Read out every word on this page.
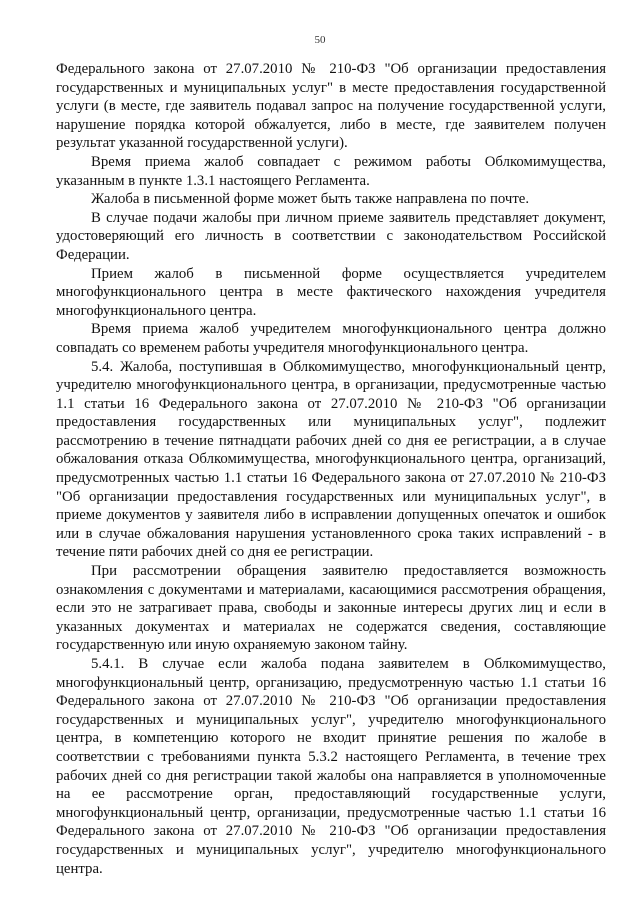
50

Федерального закона от 27.07.2010 № 210-ФЗ "Об организации предоставления государственных и муниципальных услуг" в месте предоставления государственной услуги (в месте, где заявитель подавал запрос на получение государственной услуги, нарушение порядка которой обжалуется, либо в месте, где заявителем получен результат указанной государственной услуги).

Время приема жалоб совпадает с режимом работы Облкомимущества, указанным в пункте 1.3.1 настоящего Регламента.

Жалоба в письменной форме может быть также направлена по почте.

В случае подачи жалобы при личном приеме заявитель представляет документ, удостоверяющий его личность в соответствии с законодательством Российской Федерации.

Прием жалоб в письменной форме осуществляется учредителем многофункционального центра в месте фактического нахождения учредителя многофункционального центра.

Время приема жалоб учредителем многофункционального центра должно совпадать со временем работы учредителя многофункционального центра.

5.4. Жалоба, поступившая в Облкомимущество, многофункциональный центр, учредителю многофункционального центра, в организации, предусмотренные частью 1.1 статьи 16 Федерального закона от 27.07.2010 № 210-ФЗ "Об организации предоставления государственных или муниципальных услуг", подлежит рассмотрению в течение пятнадцати рабочих дней со дня ее регистрации, а в случае обжалования отказа Облкомимущества, многофункционального центра, организаций, предусмотренных частью 1.1 статьи 16 Федерального закона от 27.07.2010 № 210-ФЗ "Об организации предоставления государственных или муниципальных услуг", в приеме документов у заявителя либо в исправлении допущенных опечаток и ошибок или в случае обжалования нарушения установленного срока таких исправлений - в течение пяти рабочих дней со дня ее регистрации.

При рассмотрении обращения заявителю предоставляется возможность ознакомления с документами и материалами, касающимися рассмотрения обращения, если это не затрагивает права, свободы и законные интересы других лиц и если в указанных документах и материалах не содержатся сведения, составляющие государственную или иную охраняемую законом тайну.

5.4.1. В случае если жалоба подана заявителем в Облкомимущество, многофункциональный центр, организацию, предусмотренную частью 1.1 статьи 16 Федерального закона от 27.07.2010 № 210-ФЗ "Об организации предоставления государственных и муниципальных услуг", учредителю многофункционального центра, в компетенцию которого не входит принятие решения по жалобе в соответствии с требованиями пункта 5.3.2 настоящего Регламента, в течение трех рабочих дней со дня регистрации такой жалобы она направляется в уполномоченные на ее рассмотрение орган, предоставляющий государственные услуги, многофункциональный центр, организации, предусмотренные частью 1.1 статьи 16 Федерального закона от 27.07.2010 № 210-ФЗ "Об организации предоставления государственных и муниципальных услуг", учредителю многофункционального центра.
